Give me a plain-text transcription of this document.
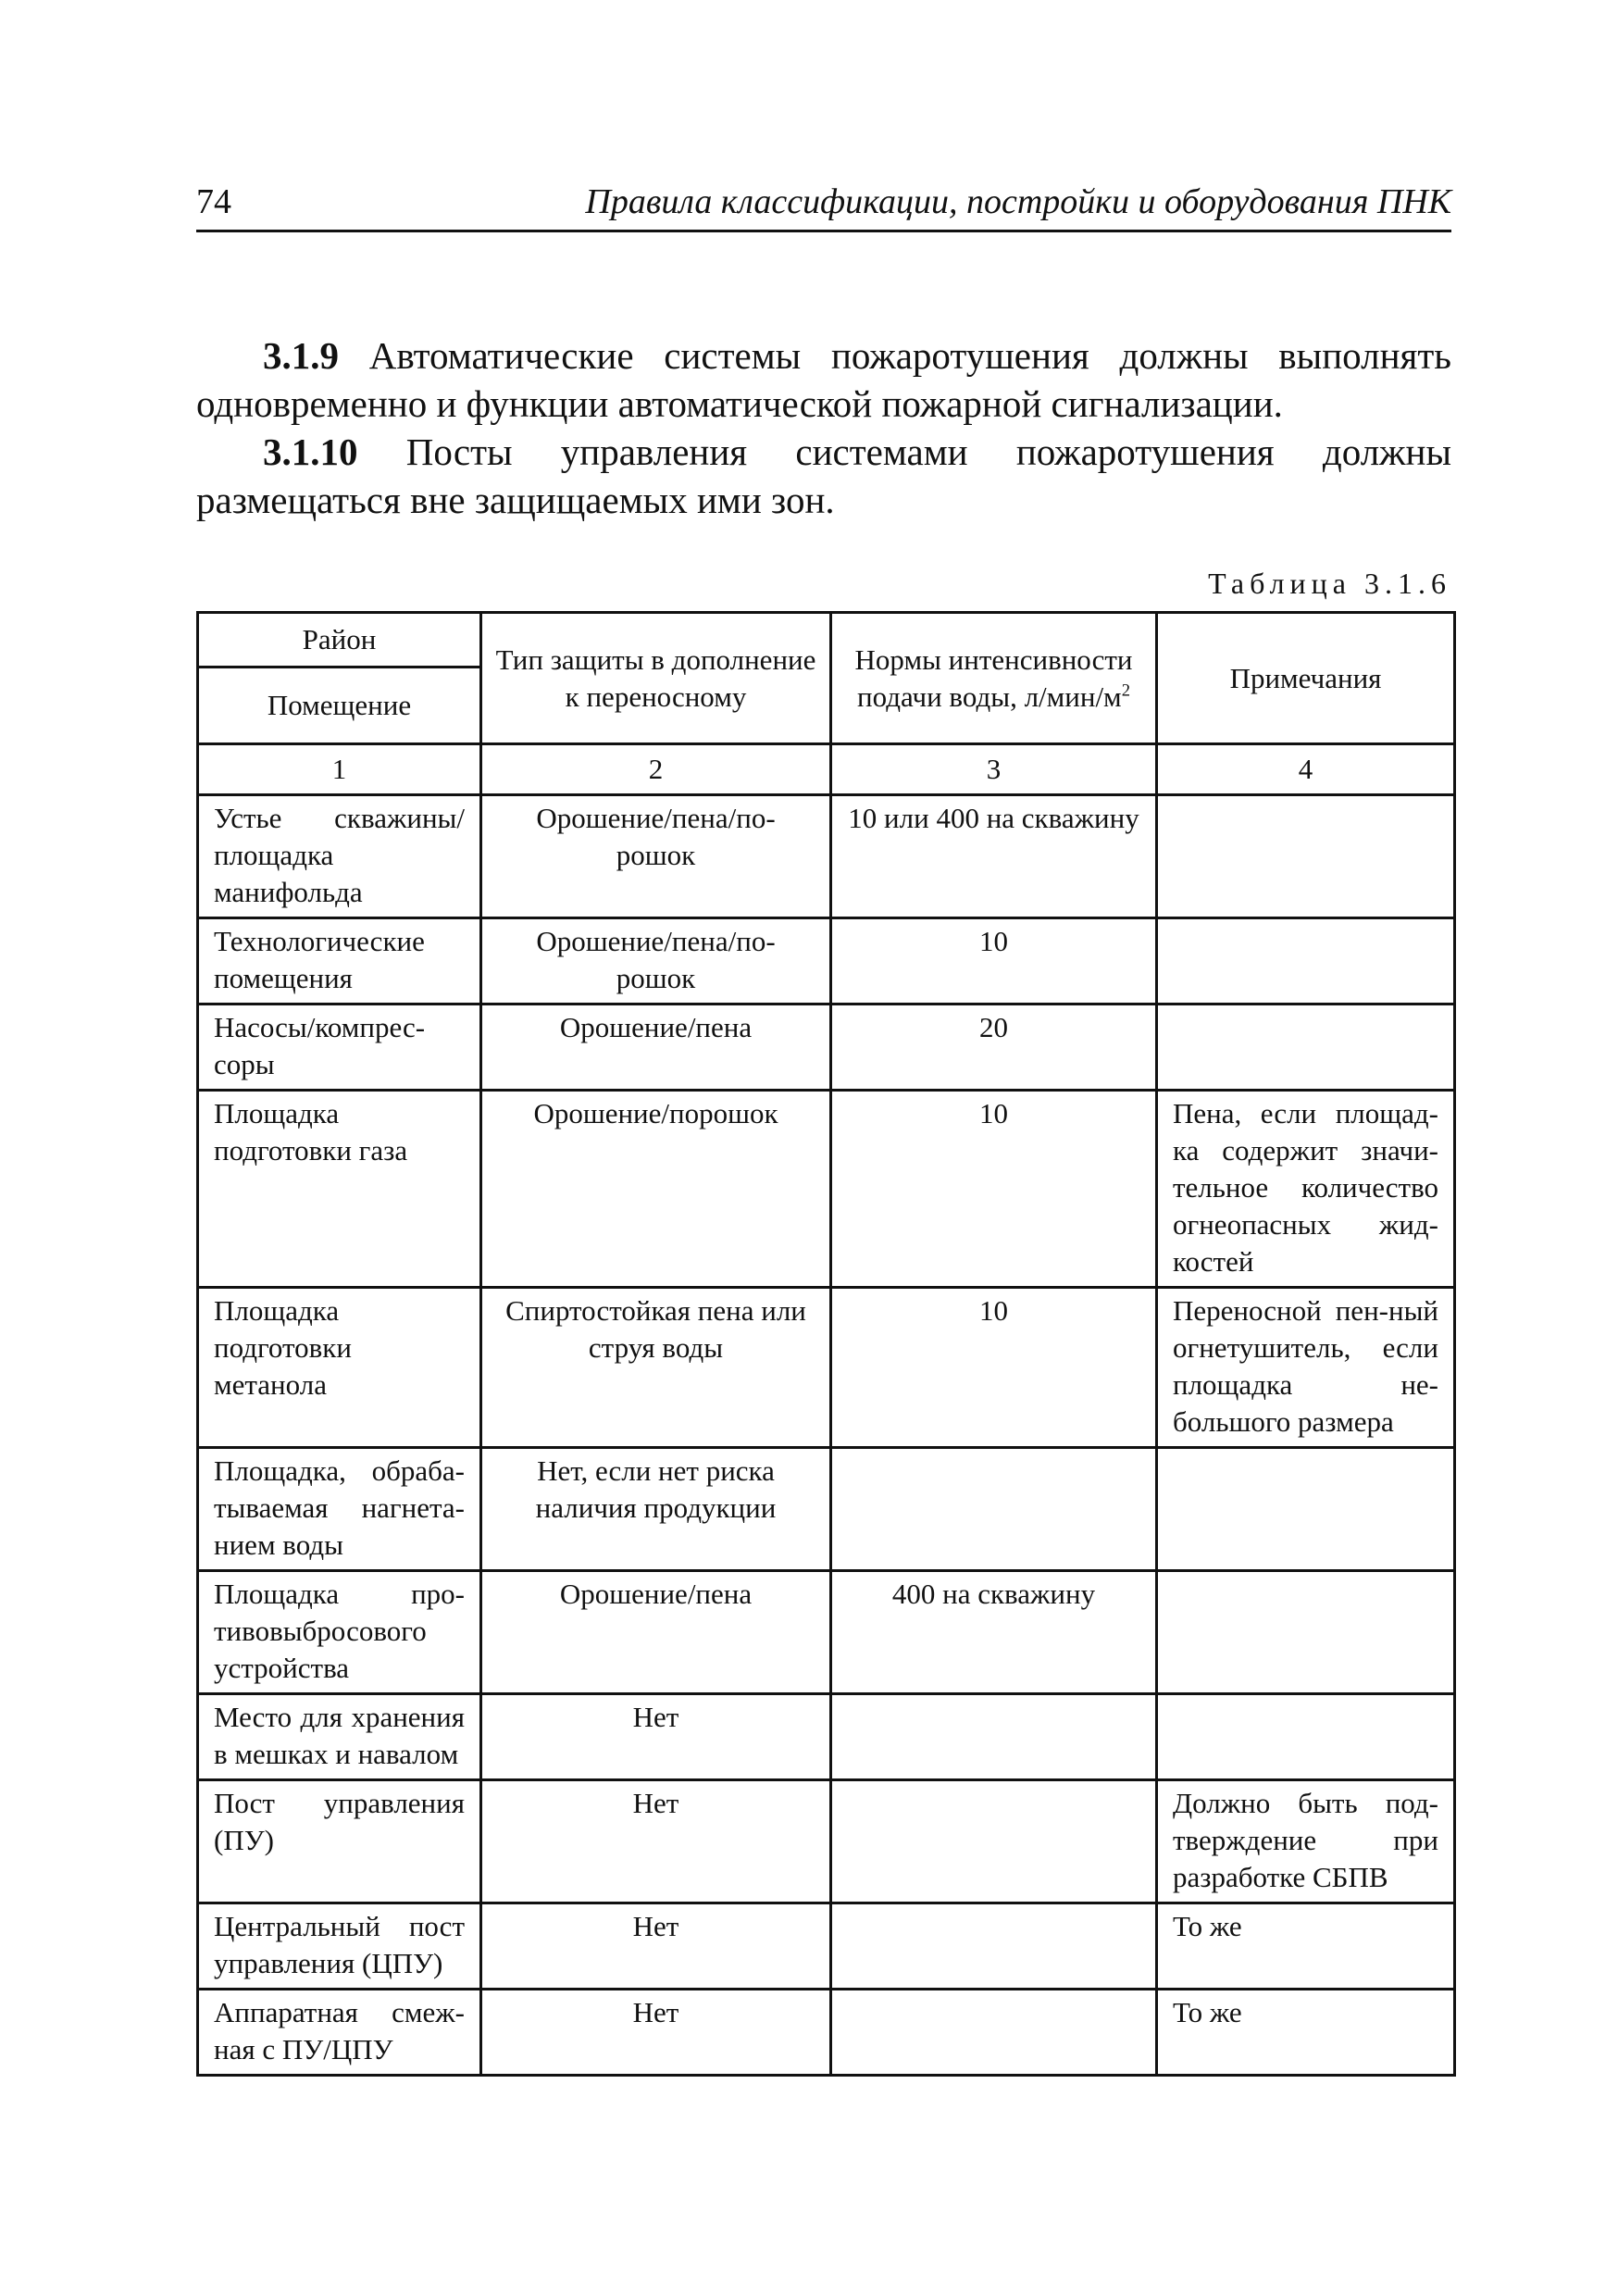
74	Правила классификации, постройки и оборудования ПНК

3.1.9 Автоматические системы пожаротушения должны выполнять одновременно и функции автоматической пожарной сигнализации.

3.1.10 Посты управления системами пожаротушения должны размещаться вне защищаемых ими зон.

Таблица 3.1.6
Район	Тип защиты в дополнение к переносному	Нормы интенсивности подачи воды, $л/мин/м^2$	Примечания
Помещение			
1	2	3	4
Устье скважины/ площадка манифольда	Орошение/пена/по-рошок	10 или 400 на скважину	
Технологические помещения	Орошение/пена/по-рошок	10	
Насосы/компрес-соры	Орошение/пена	20	
Площадка подготовки газа	Орошение/порошок	10	Пена, если площад-ка содержит значи-тельное количество огнеопасных жид-костей
Площадка подготовки метанола	Спиртостойкая пена или струя воды	10	Переносной пен-ный огнетушитель, если площадка не-большого размера
Площадка, обраба-тываемая нагнета-нием воды	Нет, если нет риска наличия продукции		
Площадка про-тивовыбросового устройства	Орошение/пена	400 на скважину	
Место для хранения в мешках и навалом	Нет		
Пост управления (ПУ)	Нет		Должно быть под-тверждение при разработке СБПВ
Центральный пост управления (ЦПУ)	Нет		То же
Аппаратная смеж-ная с ПУ/ЦПУ	Нет		То же
